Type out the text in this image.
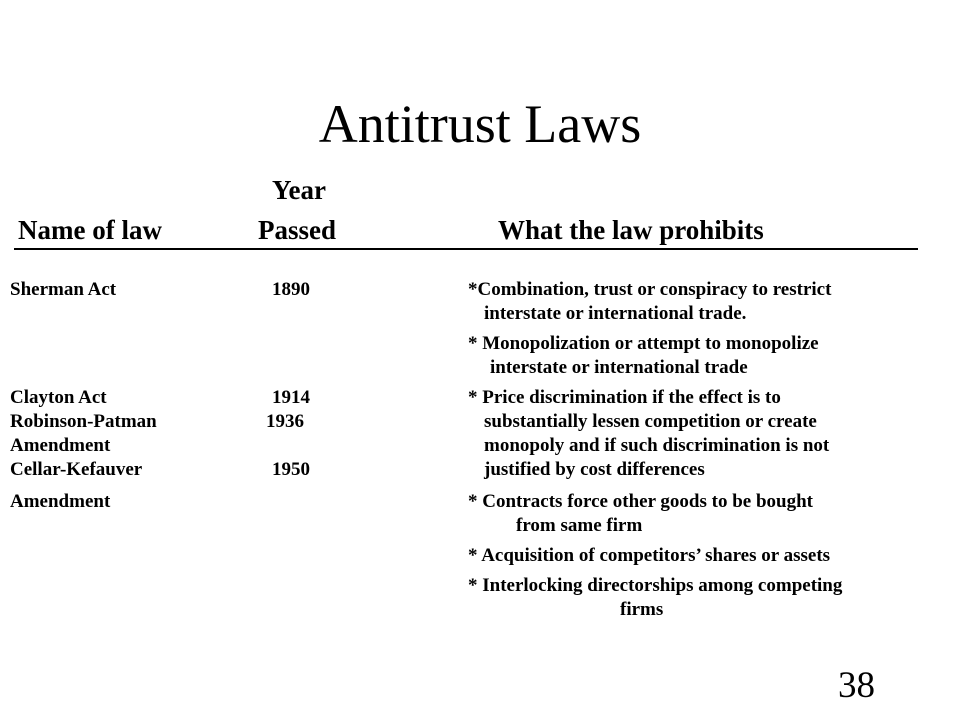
Antitrust Laws
Year
Name of law	Passed	What the law prohibits
Sherman Act
Clayton Act
Robinson-Patman
Amendment
Cellar-Kefauver
Amendment
1890
1914
1936
1950
*Combination, trust or conspiracy to restrict
interstate or international trade.
* Monopolization or attempt to monopolize
interstate or international trade
* Price discrimination if the effect is to
substantially lessen competition or create
monopoly and if such discrimination is not
justified by cost differences
* Contracts force other goods to be bought
from same firm
* Acquisition of competitors’ shares or assets
* Interlocking directorships among competing
firms
38
